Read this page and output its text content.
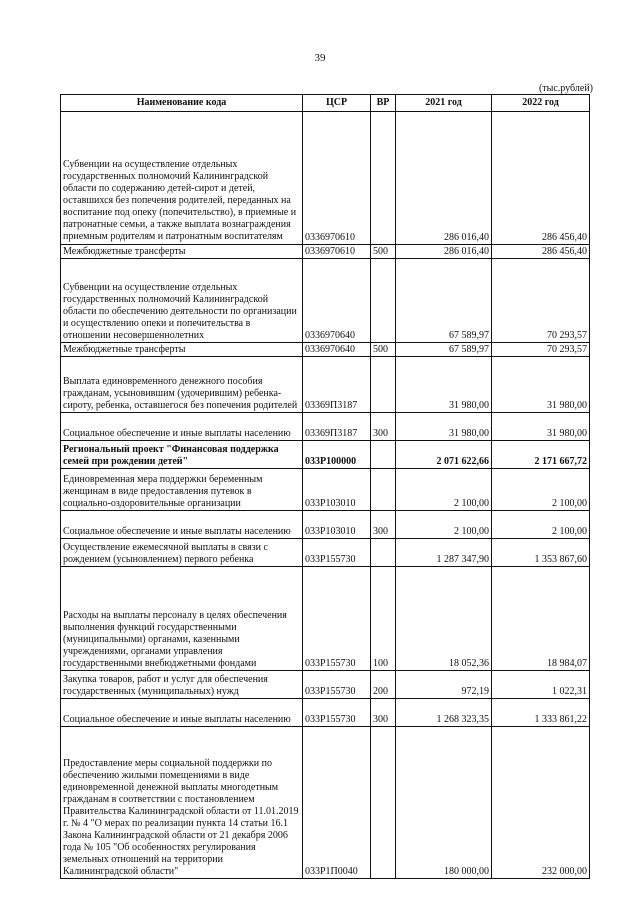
39
(тыс.рублей)
Наименование кода	ЦСР	ВР	2021 год	2022 год
Субвенции на осуществление отдельных государственных полномочий Калининградской области по содержанию детей-сирот и детей, оставшихся без попечения родителей, переданных на воспитание под опеку (попечительство), в приемные и патронатные семьи, а также выплата вознаграждения приемным родителям и патронатным воспитателям	0336970610		286 016,40	286 456,40
Межбюджетные трансферты	0336970610	500	286 016,40	286 456,40
Субвенции на осуществление отдельных государственных полномочий Калининградской области по обеспечению деятельности по организации и осуществлению опеки и попечительства в отношении несовершеннолетних	0336970640		67 589,97	70 293,57
Межбюджетные трансферты	0336970640	500	67 589,97	70 293,57
Выплата единовременного денежного пособия гражданам, усыновившим (удочерившим) ребенка-сироту, ребенка, оставшегося без попечения родителей	03369П3187		31 980,00	31 980,00
Социальное обеспечение и иные выплаты населению	03369П3187	300	31 980,00	31 980,00
Региональный проект "Финансовая поддержка семей при рождении детей"	033P100000		2 071 622,66	2 171 667,72
Единовременная мера поддержки беременным женщинам в виде предоставления путевок в социально-оздоровительные организации	033P103010		2 100,00	2 100,00
Социальное обеспечение и иные выплаты населению	033P103010	300	2 100,00	2 100,00
Осуществление ежемесячной выплаты в связи с рождением (усыновлением) первого ребенка	033P155730		1 287 347,90	1 353 867,60
Расходы на выплаты персоналу в целях обеспечения выполнения функций государственными (муниципальными) органами, казенными учреждениями, органами управления государственными внебюджетными фондами	033P155730	100	18 052,36	18 984,07
Закупка товаров, работ и услуг для обеспечения государственных (муниципальных) нужд	033P155730	200	972,19	1 022,31
Социальное обеспечение и иные выплаты населению	033P155730	300	1 268 323,35	1 333 861,22
Предоставление меры социальной поддержки по обеспечению жилыми помещениями в виде единовременной денежной выплаты многодетным гражданам в соответствии с постановлением Правительства Калининградской области от 11.01.2019 г. № 4 "О мерах по реализации пункта 14 статьи 16.1 Закона Калининградской области от 21 декабря 2006 года № 105 "Об особенностях регулирования земельных отношений на территории Калининградской области"	033P1П0040		180 000,00	232 000,00
